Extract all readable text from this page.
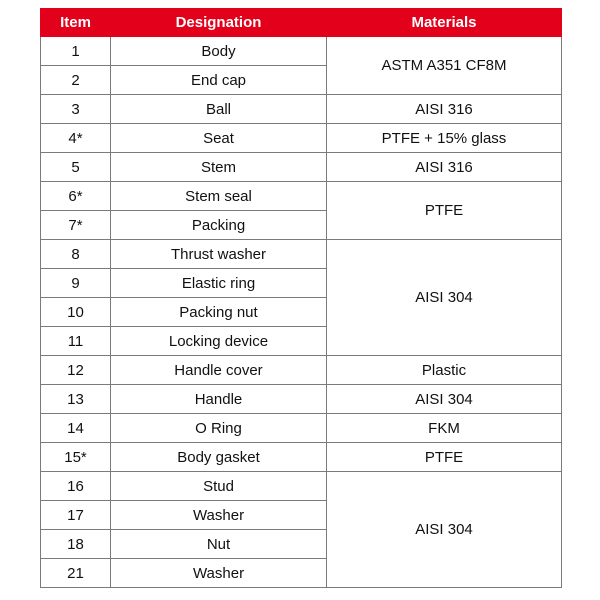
Item	Designation	Materials
1	Body	ASTM A351 CF8M
2	End cap	
3	Ball	AISI 316
4*	Seat	PTFE + 15% glass
5	Stem	AISI 316
6*	Stem seal	PTFE
7*	Packing	
8	Thrust washer	AISI 304
9	Elastic ring	
10	Packing nut	
11	Locking device	
12	Handle cover	Plastic
13	Handle	AISI 304
14	O Ring	FKM
15*	Body gasket	PTFE
16	Stud	AISI 304
17	Washer	
18	Nut	
21	Washer	
